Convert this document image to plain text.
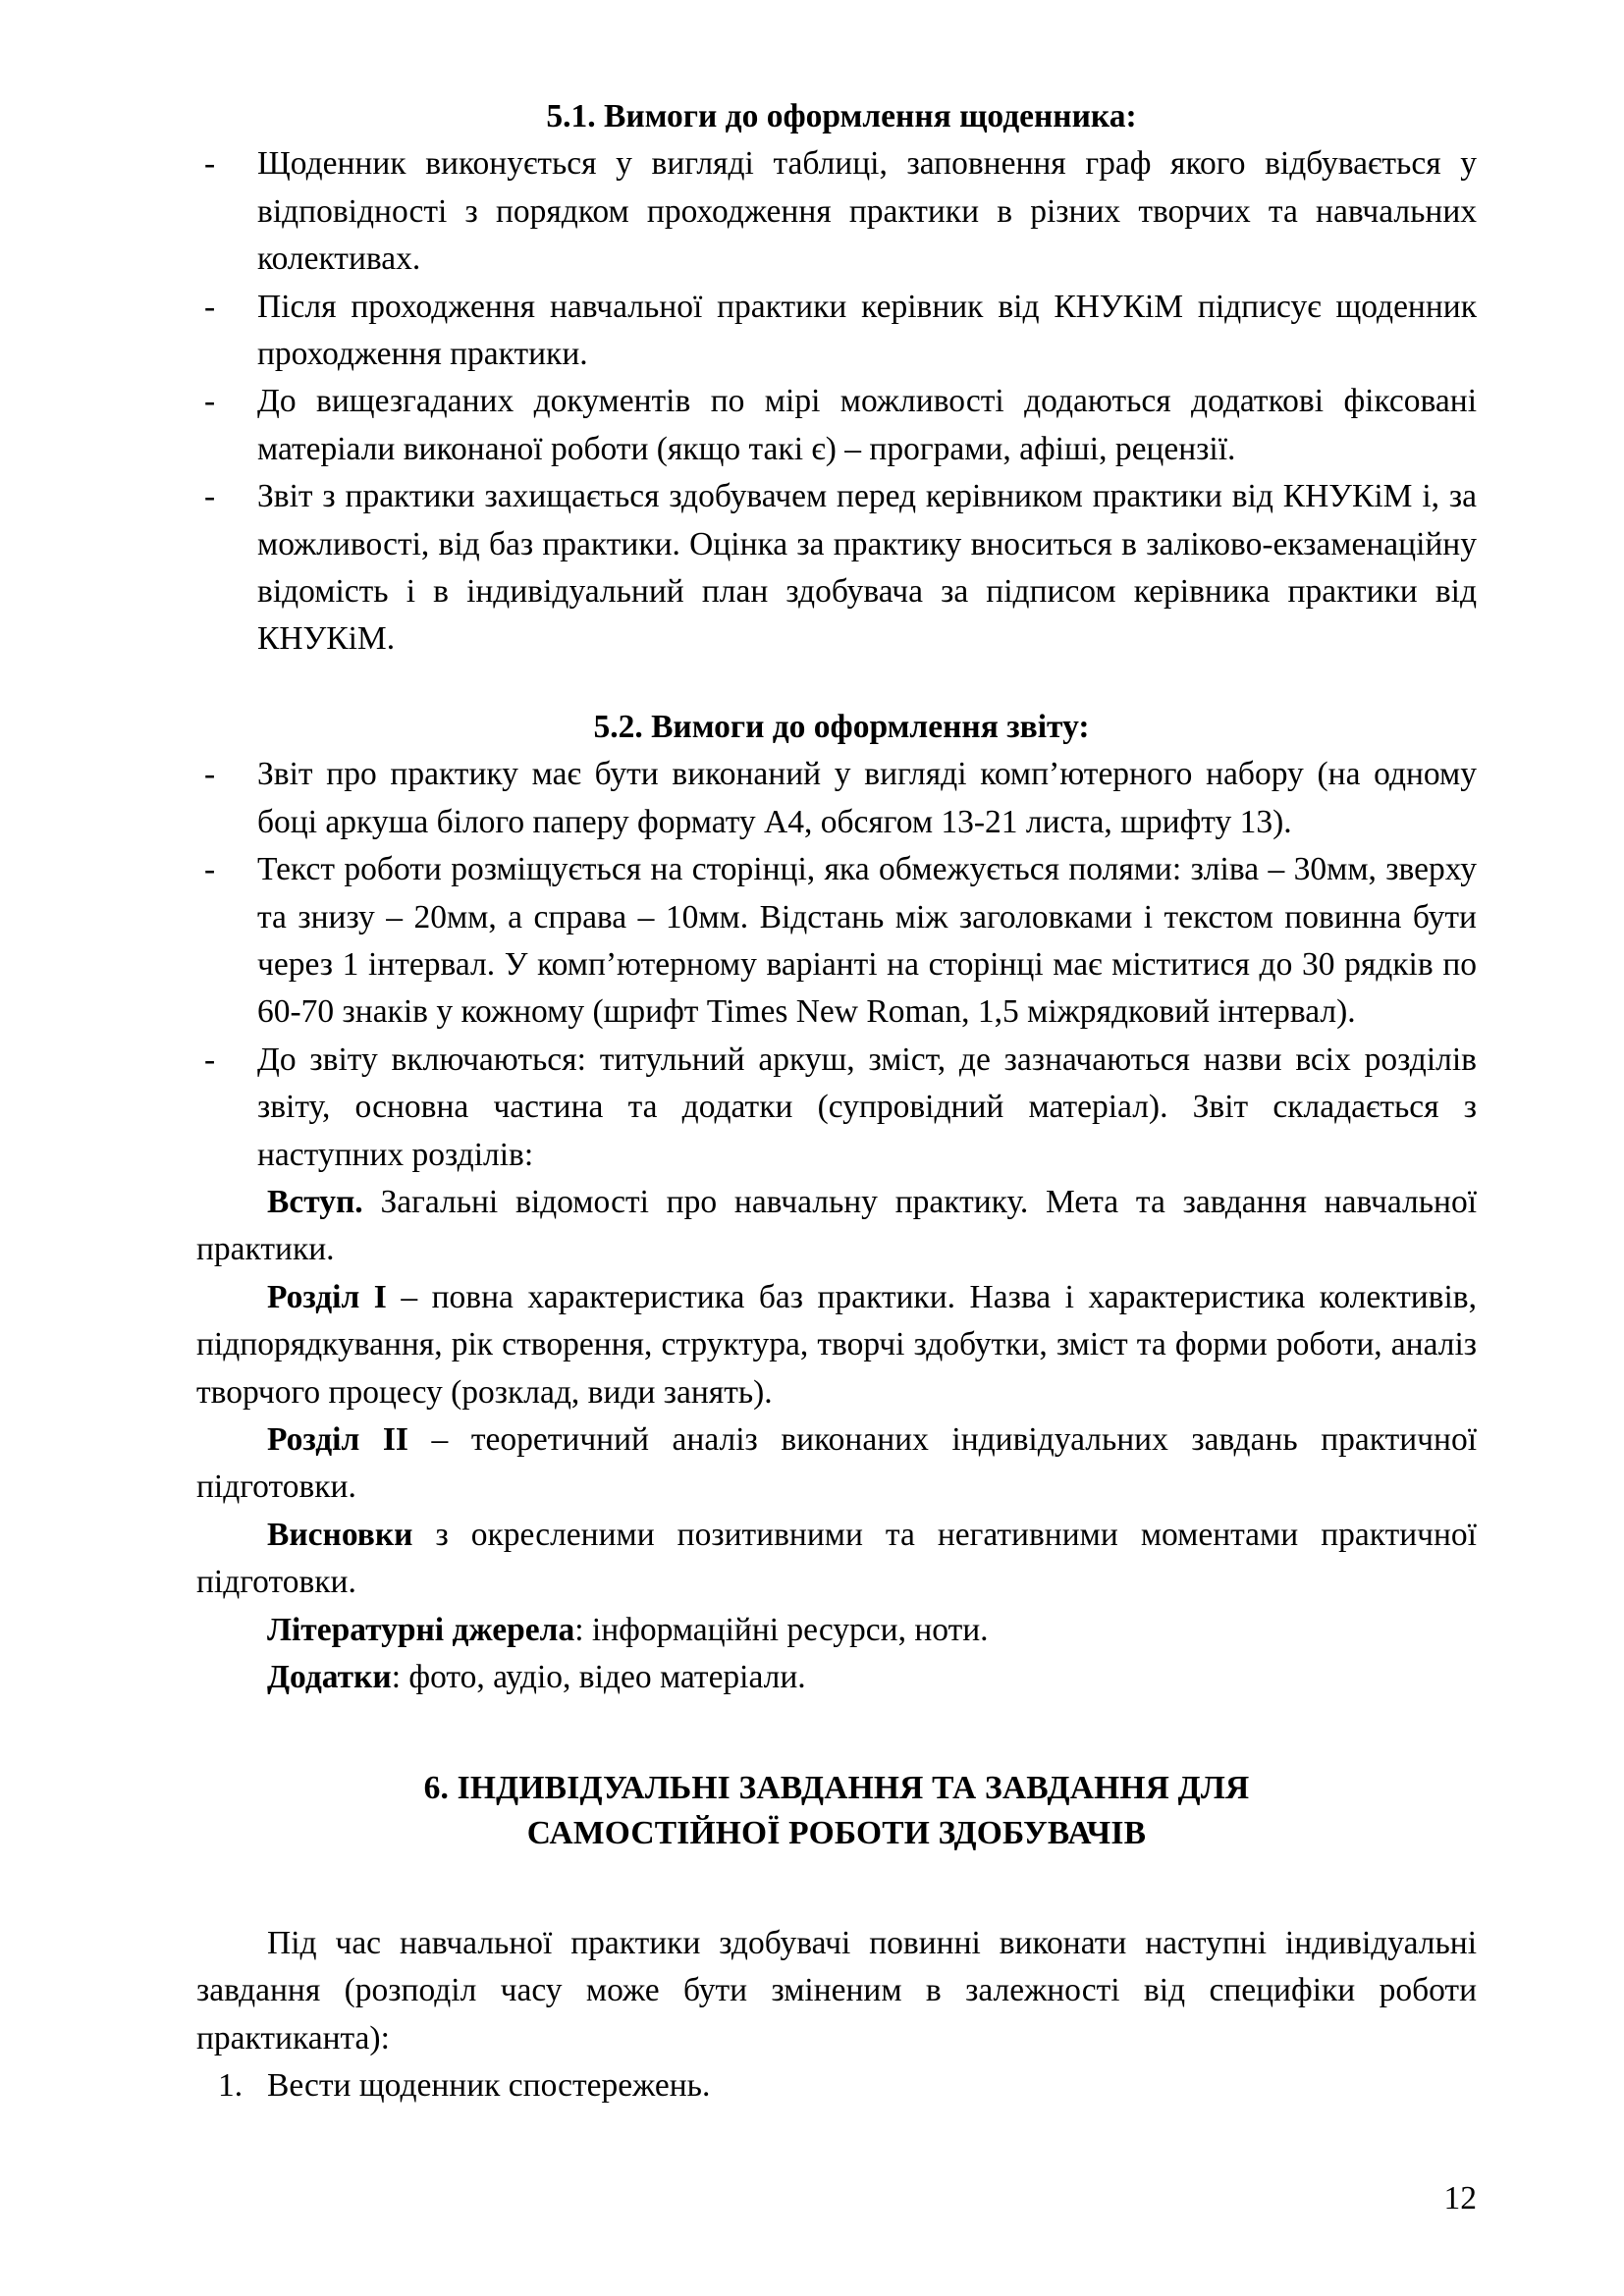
5.1. Вимоги до оформлення щоденника:
-	Щоденник виконується у вигляді таблиці, заповнення граф якого відбувається у відповідності з порядком проходження практики в різних творчих та навчальних колективах.
-	Після проходження навчальної практики керівник від КНУКіМ підписує щоденник проходження практики.
-	До вищезгаданих документів по мірі можливості додаються додаткові фіксовані матеріали виконаної роботи (якщо такі є) – програми, афіші, рецензії.
-	Звіт з практики захищається здобувачем перед керівником практики від КНУКіМ і, за можливості, від баз практики. Оцінка за практику вноситься в заліково-екзаменаційну відомість і в індивідуальний план здобувача за підписом керівника практики від КНУКіМ.
5.2. Вимоги до оформлення звіту:
-	Звіт про практику має бути виконаний у вигляді комп’ютерного набору (на одному боці аркуша білого паперу формату А4, обсягом 13-21 листа, шрифту 13).
-	Текст роботи розміщується на сторінці, яка обмежується полями: зліва – 30мм, зверху та знизу – 20мм, а справа – 10мм. Відстань між заголовками і текстом повинна бути через 1 інтервал. У комп’ютерному варіанті на сторінці має міститися до 30 рядків по 60-70 знаків у кожному (шрифт Times New Roman, 1,5 міжрядковий інтервал).
-	До звіту включаються: титульний аркуш, зміст, де зазначаються назви всіх розділів звіту, основна частина та додатки (супровідний матеріал). Звіт складається з наступних розділів:

Вступ. Загальні відомості про навчальну практику. Мета та завдання навчальної практики.

Розділ I – повна характеристика баз практики. Назва і характеристика колективів, підпорядкування, рік створення, структура, творчі здобутки, зміст та форми роботи, аналіз творчого процесу (розклад, види занять).

Розділ II – теоретичний аналіз виконаних індивідуальних завдань практичної підготовки.

Висновки з окресленими позитивними та негативними моментами практичної підготовки.

Літературні джерела: інформаційні ресурси, ноти.

Додатки: фото, аудіо, відео матеріали.

6. ІНДИВІДУАЛЬНІ ЗАВДАННЯ ТА ЗАВДАННЯ ДЛЯ
САМОСТІЙНОЇ РОБОТИ ЗДОБУВАЧІВ

Під час навчальної практики здобувачі повинні виконати наступні індивідуальні завдання (розподіл часу може бути зміненим в залежності від специфіки роботи практиканта):

1. Вести щоденник спостережень.
12
